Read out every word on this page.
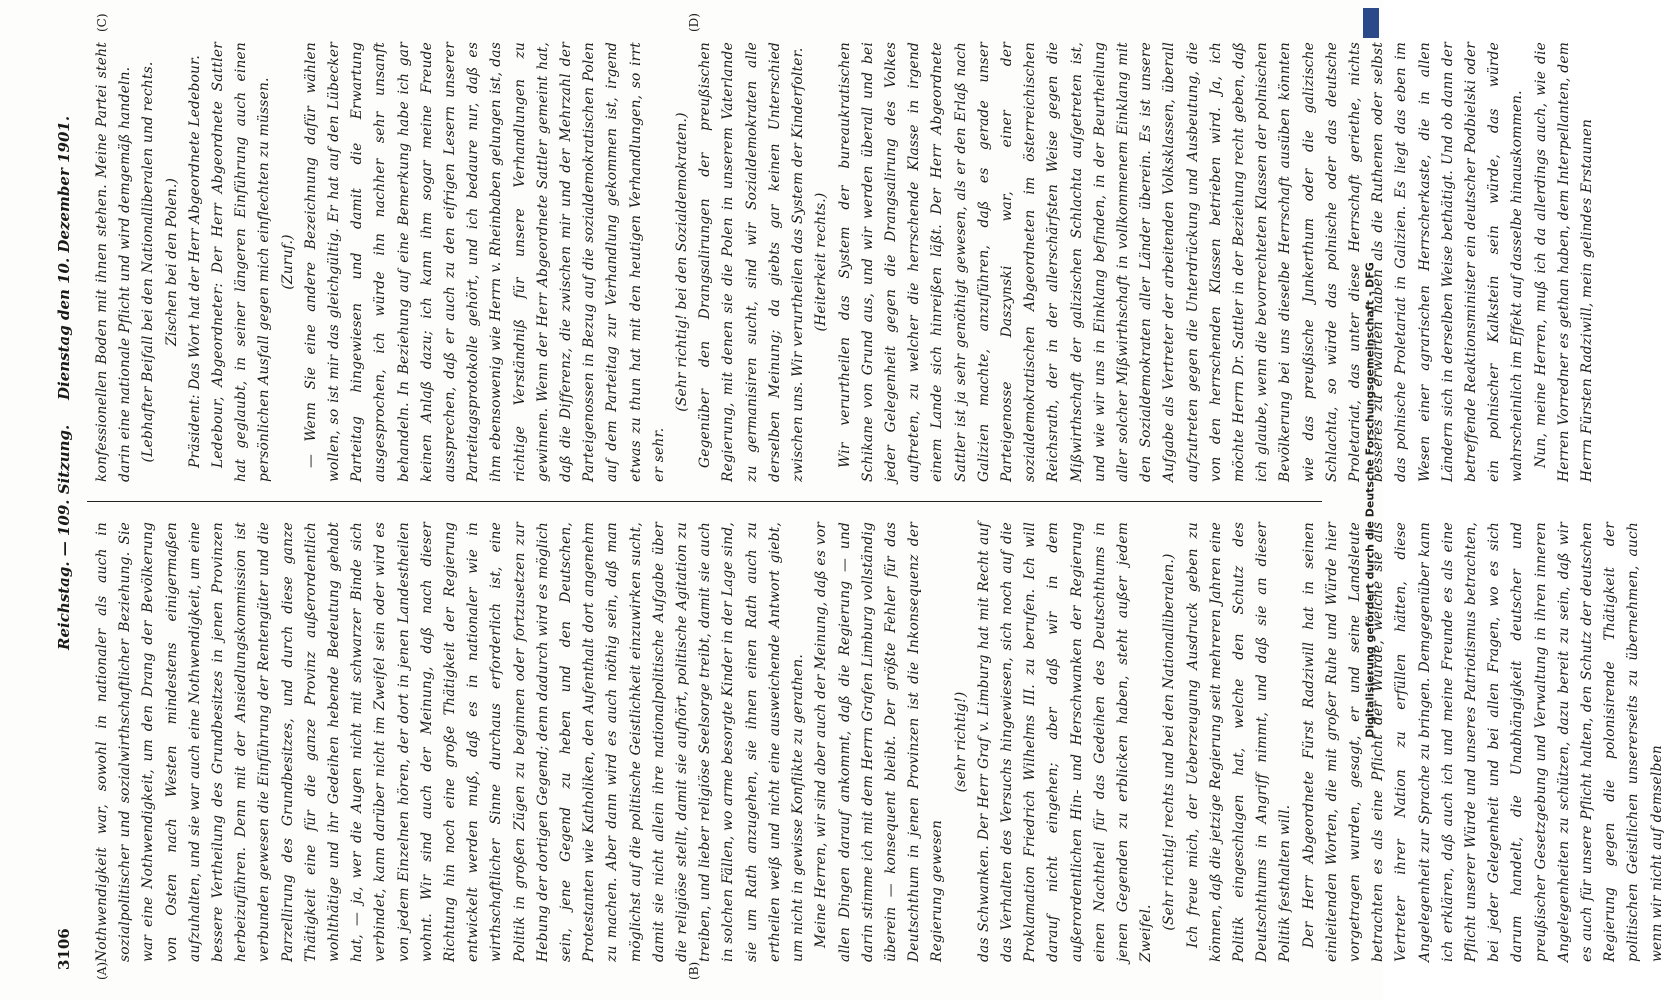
3106
Reichstag. — 109. Sitzung.
Dienstag den 10. Dezember 1901.
(A)	(B)
(C)	(D)

Nothwendigkeit war, sowohl in nationaler als auch in sozialpolitischer und sozialwirthschaftlicher Beziehung. Sie war eine Nothwendigkeit, um den Drang der Bevölkerung von Osten nach Westen mindestens einigermaßen aufzuhalten, und sie war auch eine Nothwendigkeit, um eine bessere Vertheilung des Grundbesitzes in jenen Provinzen herbeizuführen. Denn mit der Ansiedlungskommission ist verbunden gewesen die Einführung der Rentengüter und die Parzellirung des Grundbesitzes, und durch diese ganze Thätigkeit eine für die ganze Provinz außerordentlich wohlthätige und ihr Gedeihen hebende Bedeutung gehabt hat, — ja, wer die Augen nicht mit schwarzer Binde sich verbindet, kann darüber nicht im Zweifel sein oder wird es von jedem Einzelnen hören, der dort in jenen Landestheilen wohnt. Wir sind auch der Meinung, daß nach dieser Richtung hin noch eine große Thätigkeit der Regierung entwickelt werden muß, daß es in nationaler wie in wirthschaftlicher Sinne durchaus erforderlich ist, eine Politik in großen Zügen zu beginnen oder fortzusetzen zur Hebung der dortigen Gegend; denn dadurch wird es möglich sein, jene Gegend zu heben und den Deutschen, Protestanten wie Katholiken, den Aufenthalt dort angenehm zu machen. Aber dann wird es auch nöthig sein, daß man möglichst auf die politische Geistlichkeit einzuwirken sucht, damit sie nicht allein ihre nationalpolitische Aufgabe über die religiöse stellt, damit sie aufhört, politische Agitation zu treiben, und lieber religiöse Seelsorge treibt, damit sie auch in solchen Fällen, wo arme besorgte Kinder in der Lage sind, sie um Rath anzugehen, sie ihnen einen Rath auch zu ertheilen weiß und nicht eine ausweichende Antwort giebt, um nicht in gewisse Konflikte zu gerathen. Meine Herren, wir sind aber auch der Meinung, daß es vor allen Dingen darauf ankommt, daß die Regierung — und darin stimme ich mit dem Herrn Grafen Limburg vollständig überein — konsequent bleibt. Der größte Fehler für das Deutschthum in jenen Provinzen ist die Inkonsequenz der Regierung gewesen

(sehr richtig!) das Schwanken. Der Herr Graf v. Limburg hat mit Recht auf das Verhalten des Versuchs hingewiesen, sich noch auf die Proklamation Friedrich Wilhelms III. zu berufen. Ich will darauf nicht eingehen; aber daß wir in dem außerordentlichen Hin- und Herschwanken der Regierung einen Nachtheil für das Gedeihen des Deutschthums in jenen Gegenden zu erblicken haben, steht außer jedem Zweifel.

(Sehr richtig! rechts und bei den Nationalliberalen.) Ich freue mich, der Ueberzeugung Ausdruck geben zu können, daß die jetzige Regierung seit mehreren Jahren eine Politik eingeschlagen hat, welche den Schutz des Deutschthums in Angriff nimmt, und daß sie an dieser Politik festhalten will. Der Herr Abgeordnete Fürst Radziwill hat in seinen einleitenden Worten, die mit großer Ruhe und Würde hier vorgetragen wurden, gesagt, er und seine Landsleute betrachten es als eine Pflicht der Würde, welche sie als Vertreter ihrer Nation zu erfüllen hätten, diese Angelegenheit zur Sprache zu bringen. Demgegenüber kann ich erklären, daß auch ich und meine Freunde es als eine Pflicht unserer Würde und unseres Patriotismus betrachten, bei jeder Gelegenheit und bei allen Fragen, wo es sich darum handelt, die Unabhängigkeit deutscher und preußischer Gesetzgebung und Verwaltung in ihren inneren Angelegenheiten zu schützen, dazu bereit zu sein, daß wir es auch für unsere Pflicht halten, den Schutz der deutschen Regierung gegen die polonisirende Thätigkeit der politischen Geistlichen unsererseits zu übernehmen, auch wenn wir nicht auf demselben

konfessionellen Boden mit ihnen stehen. Meine Partei steht darin eine nationale Pflicht und wird demgemäß handeln. (Lebhafter Beifall bei den Nationalliberalen und rechts. Zischen bei den Polen.) Präsident: Das Wort hat der Herr Abgeordnete Ledebour. Ledebour, Abgeordneter: Der Herr Abgeordnete Sattler hat geglaubt, in seiner längeren Einführung auch einen persönlichen Ausfall gegen mich einflechten zu müssen. (Zuruf.) — Wenn Sie eine andere Bezeichnung dafür wählen wollen, so ist mir das gleichgültig. Er hat auf den Lübecker Parteitag hingewiesen und damit die Erwartung ausgesprochen, ich würde ihn nachher sehr unsanft behandeln. In Beziehung auf eine Bemerkung habe ich gar keinen Anlaß dazu; ich kann ihm sogar meine Freude aussprechen, daß er auch zu den eifrigen Lesern unserer Parteitagsprotokolle gehört, und ich bedaure nur, daß es ihm ebensowenig wie Herrn v. Rheinbaben gelungen ist, das richtige Verständniß für unsere Verhandlungen zu gewinnen. Wenn der Herr Abgeordnete Sattler gemeint hat, daß die Differenz, die zwischen mir und der Mehrzahl der Parteigenossen in Bezug auf die sozialdemokratischen Polen auf dem Parteitag zur Verhandlung gekommen ist, irgend etwas zu thun hat mit den heutigen Verhandlungen, so irrt er sehr.

(Sehr richtig! bei den Sozialdemokraten.) Gegenüber den Drangsalirungen der preußischen Regierung, mit denen sie die Polen in unserem Vaterlande zu germanisiren sucht, sind wir Sozialdemokraten alle derselben Meinung; da giebts gar keinen Unterschied zwischen uns. Wir verurtheilen das System der Kinderfolter. (Heiterkeit rechts.) Wir verurtheilen das System der bureaukratischen Schikane von Grund aus, und wir werden überall und bei jeder Gelegenheit gegen die Drangsalirung des Volkes auftreten, zu welcher die herrschende Klasse in irgend einem Lande sich hinreißen läßt. Der Herr Abgeordnete Sattler ist ja sehr genöthigt gewesen, als er den Erlaß nach Galizien machte, anzuführen, daß es gerade unser Parteigenosse Daszynski war, einer der sozialdemokratischen Abgeordneten im österreichischen Reichsrath, der in der allerschärfsten Weise gegen die Mißwirthschaft der galizischen Schlachta aufgetreten ist, und wie wir uns in Einklang befinden, in der Beurtheilung aller solcher Mißwirthschaft in vollkommenem Einklang mit den Sozialdemokraten aller Länder überein. Es ist unsere Aufgabe als Vertreter der arbeitenden Volksklassen, überall aufzutreten gegen die Unterdrückung und Ausbeutung, die von den herrschenden Klassen betrieben wird. Ja, ich möchte Herrn Dr. Sattler in der Beziehung recht geben, daß ich glaube, wenn die bevorrechteten Klassen der polnischen Bevölkerung bei uns dieselbe Herrschaft ausüben könnten wie das preußische Junkerthum oder die galizische Schlachta, so würde das polnische oder das deutsche Proletariat, das unter diese Herrschaft geriethe, nichts besseres zu erwarten haben als die Ruthenen oder selbst das polnische Proletariat in Galizien. Es liegt das eben im Wesen einer agrarischen Herrscherkaste, die in allen Ländern sich in derselben Weise bethätigt. Und ob dann der betreffende Reaktionsminister ein deutscher Podbielski oder ein polnischer Kalkstein sein würde, das würde wahrscheinlich im Effekt auf dasselbe hinauskommen. Nun, meine Herren, muß ich da allerdings auch, wie die Herren Vorredner es gethan haben, dem Interpellanten, dem Herrn Fürsten Radziwill, mein gelindes Erstaunen

Digitalisierung gefördert durch die Deutsche Forschungsgemeinschaft - DFG
